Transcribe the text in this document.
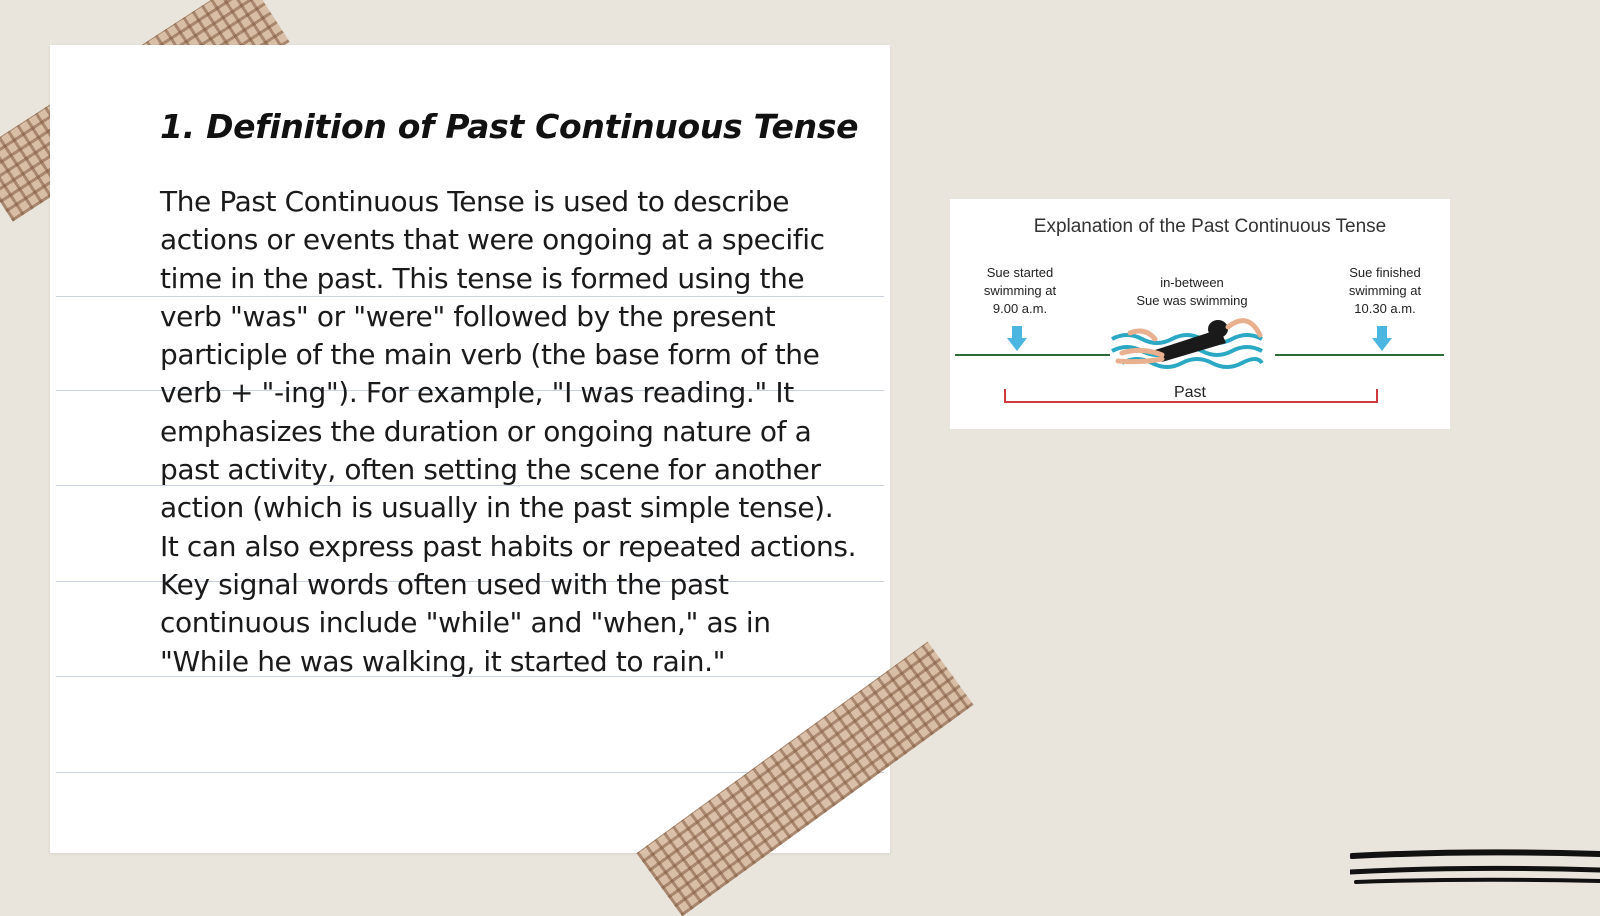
1. Definition of Past Continuous Tense

The Past Continuous Tense is used to describe actions or events that were ongoing at a specific time in the past. This tense is formed using the verb "was" or "were" followed by the present participle of the main verb (the base form of the verb + "-ing"). For example, "I was reading." It emphasizes the duration or ongoing nature of a past activity, often setting the scene for another action (which is usually in the past simple tense). It can also express past habits or repeated actions. Key signal words often used with the past continuous include "while" and "when," as in "While he was walking, it started to rain."

Explanation of the Past Continuous Tense
Sue started
swimming at
9.00 a.m.
in-between
Sue was swimming
Sue finished
swimming at
10.30 a.m.
Past
